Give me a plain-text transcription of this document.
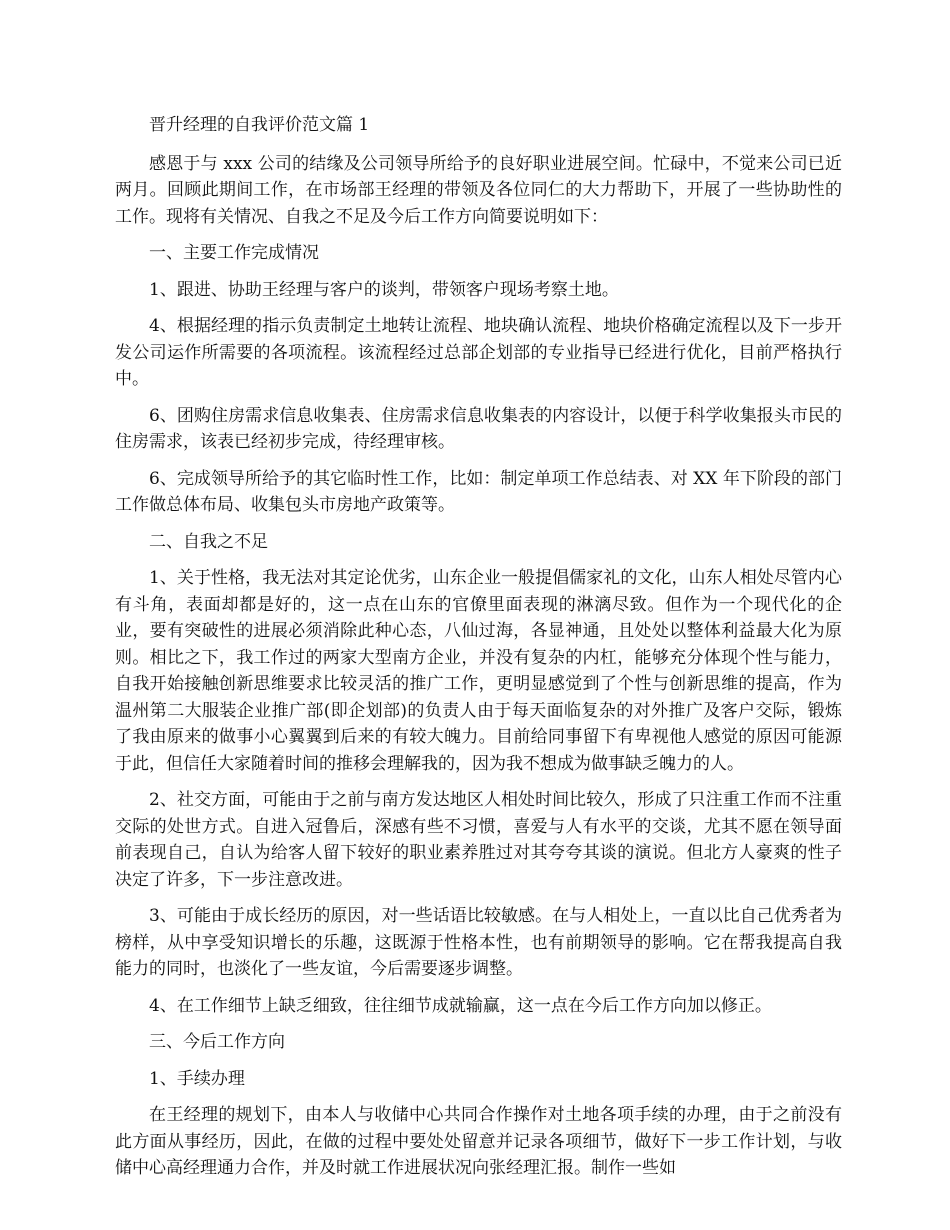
晋升经理的自我评价范文篇 1

感恩于与 xxx 公司的结缘及公司领导所给予的良好职业进展空间。忙碌中，不觉来公司已近两月。回顾此期间工作，在市场部王经理的带领及各位同仁的大力帮助下，开展了一些协助性的工作。现将有关情况、自我之不足及今后工作方向简要说明如下：

一、主要工作完成情况

1、跟进、协助王经理与客户的谈判，带领客户现场考察土地。

4、根据经理的指示负责制定土地转让流程、地块确认流程、地块价格确定流程以及下一步开发公司运作所需要的各项流程。该流程经过总部企划部的专业指导已经进行优化，目前严格执行中。

6、团购住房需求信息收集表、住房需求信息收集表的内容设计，以便于科学收集报头市民的住房需求，该表已经初步完成，待经理审核。

6、完成领导所给予的其它临时性工作，比如：制定单项工作总结表、对 XX 年下阶段的部门工作做总体布局、收集包头市房地产政策等。

二、自我之不足

1、关于性格，我无法对其定论优劣，山东企业一般提倡儒家礼的文化，山东人相处尽管内心有斗角，表面却都是好的，这一点在山东的官僚里面表现的淋漓尽致。但作为一个现代化的企业，要有突破性的进展必须消除此种心态，八仙过海，各显神通，且处处以整体利益最大化为原则。相比之下，我工作过的两家大型南方企业，并没有复杂的内杠，能够充分体现个性与能力，自我开始接触创新思维要求比较灵活的推广工作，更明显感觉到了个性与创新思维的提高，作为温州第二大服装企业推广部(即企划部)的负责人由于每天面临复杂的对外推广及客户交际，锻炼了我由原来的做事小心翼翼到后来的有较大魄力。目前给同事留下有卑视他人感觉的原因可能源于此，但信任大家随着时间的推移会理解我的，因为我不想成为做事缺乏魄力的人。

2、社交方面，可能由于之前与南方发达地区人相处时间比较久，形成了只注重工作而不注重交际的处世方式。自进入冠鲁后，深感有些不习惯，喜爱与人有水平的交谈，尤其不愿在领导面前表现自己，自认为给客人留下较好的职业素养胜过对其夸夸其谈的演说。但北方人豪爽的性子决定了许多，下一步注意改进。

3、可能由于成长经历的原因，对一些话语比较敏感。在与人相处上，一直以比自己优秀者为榜样，从中享受知识增长的乐趣，这既源于性格本性，也有前期领导的影响。它在帮我提高自我能力的同时，也淡化了一些友谊，今后需要逐步调整。

4、在工作细节上缺乏细致，往往细节成就输赢，这一点在今后工作方向加以修正。

三、今后工作方向

1、手续办理

在王经理的规划下，由本人与收储中心共同合作操作对土地各项手续的办理，由于之前没有此方面从事经历，因此，在做的过程中要处处留意并记录各项细节，做好下一步工作计划，与收储中心高经理通力合作，并及时就工作进展状况向张经理汇报。制作一些如
